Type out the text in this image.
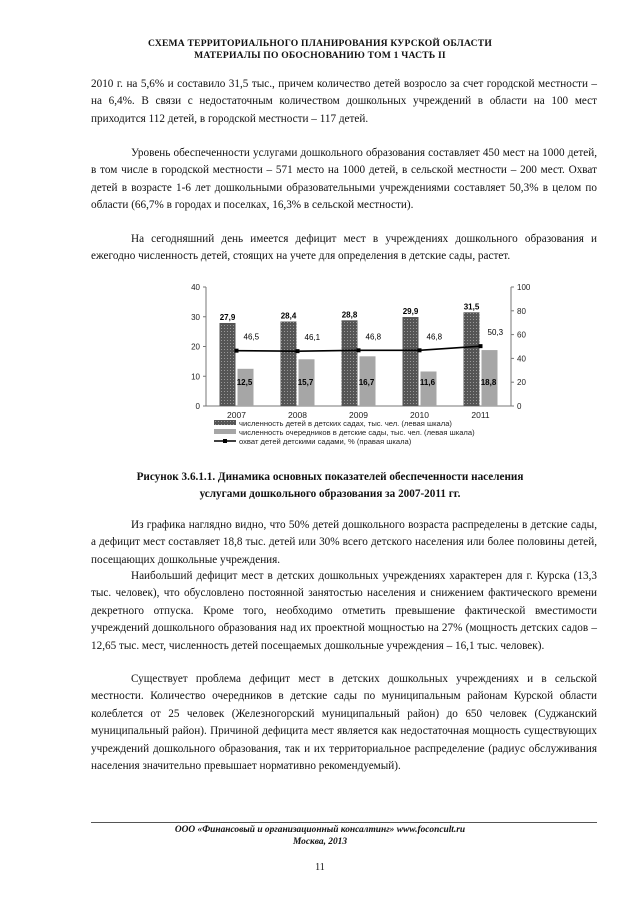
СХЕМА ТЕРРИТОРИАЛЬНОГО ПЛАНИРОВАНИЯ КУРСКОЙ ОБЛАСТИ
МАТЕРИАЛЫ ПО ОБОСНОВАНИЮ ТОМ 1 ЧАСТЬ II

2010 г. на 5,6% и составило 31,5 тыс., причем количество детей возросло за счет городской местности – на 6,4%. В связи с недостаточным количеством дошкольных учреждений в области на 100 мест приходится 112 детей, в городской местности – 117 детей.

Уровень обеспеченности услугами дошкольного образования составляет 450 мест на 1000 детей, в том числе в городской местности – 571 место на 1000 детей, в сельской местности – 200 мест. Охват детей в возрасте 1-6 лет дошкольными образовательными учреждениями составляет 50,3% в целом по области (66,7% в городах и поселках, 16,3% в сельской местности).

На сегодняшний день имеется дефицит мест в учреждениях дошкольного образования и ежегодно численность детей, стоящих на учете для определения в детские сады, растет.

0
10
20
30
40
0
20
40
60
80
100
2007
27,9
12,5
2008
28,4
15,7
2009
28,8
16,7
2010
29,9
11,6
2011
31,5
18,8
46,5	46,1	46,8	46,8	50,3
численность детей в детских садах, тыс. чел. (левая шкала)
численность очередников в детские сады, тыс. чел. (левая шкала)
охват детей детскими садами, % (правая шкала)
Рисунок 3.6.1.1. Динамика основных показателей обеспеченности населения
услугами дошкольного образования за 2007-2011 гг.

Из графика наглядно видно, что 50% детей дошкольного возраста распределены в детские сады, а дефицит мест составляет 18,8 тыс. детей или 30% всего детского населения или более половины детей, посещающих дошкольные учреждения.

Наибольший дефицит мест в детских дошкольных учреждениях характерен для г. Курска (13,3 тыс. человек), что обусловлено постоянной занятостью населения и снижением фактического времени декретного отпуска. Кроме того, необходимо отметить превышение фактической вместимости учреждений дошкольного образования над их проектной мощностью на 27% (мощность детских садов – 12,65 тыс. мест, численность детей посещаемых дошкольные учреждения – 16,1 тыс. человек).

Существует проблема дефицит мест в детских дошкольных учреждениях и в сельской местности. Количество очередников в детские сады по муниципальным районам Курской области колеблется от 25 человек (Железногорский муниципальный район) до 650 человек (Суджанский муниципальный район). Причиной дефицита мест является как недостаточная мощность существующих учреждений дошкольного образования, так и их территориальное распределение (радиус обслуживания населения значительно превышает нормативно рекомендуемый).

ООО «Финансовый и организационный консалтинг» www.foconcult.ru
Москва, 2013
11
